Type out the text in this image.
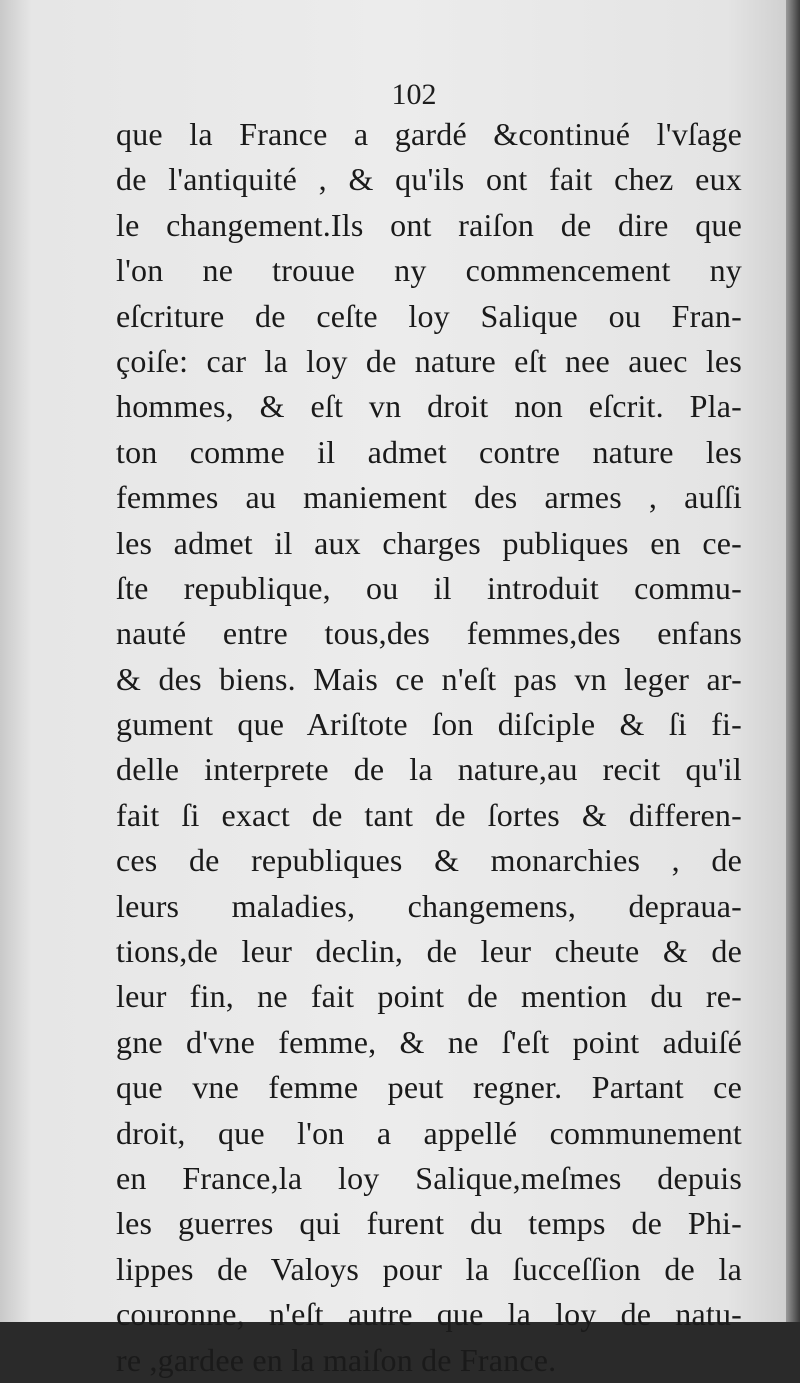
102
que la France a gardé &continué l'vſage
de l'antiquité , & qu'ils ont fait chez eux
le changement.Ils ont raiſon de dire que
l'on ne trouue ny commencement ny
eſcriture de ceſte loy Salique ou Fran-
çoiſe: car la loy de nature eſt nee auec les
hommes, & eſt vn droit non eſcrit. Pla-
ton comme il admet contre nature les
femmes au maniement des armes , auſſi
les admet il aux charges publiques en ce-
ſte republique, ou il introduit commu-
nauté entre tous,des femmes,des enfans
& des biens. Mais ce n'eſt pas vn leger ar-
gument que Ariſtote ſon diſciple & ſi fi-
delle interprete de la nature,au recit qu'il
fait ſi exact de tant de ſortes & differen-
ces de republiques & monarchies , de
leurs maladies, changemens, deprauа-
tions,de leur declin, de leur cheute & de
leur fin, ne fait point de mention du re-
gne d'vne femme, & ne ſ'eſt point aduiſé
que vne femme peut regner. Partant ce
droit, que l'on a appellé communement
en France,la loy Salique,meſmes depuis
les guerres qui furent du temps de Phi-
lippes de Valoys pour la ſucceſſion de la
couronne, n'eſt autre que la loy de natu-
re ,gardee en la maiſon de France.
